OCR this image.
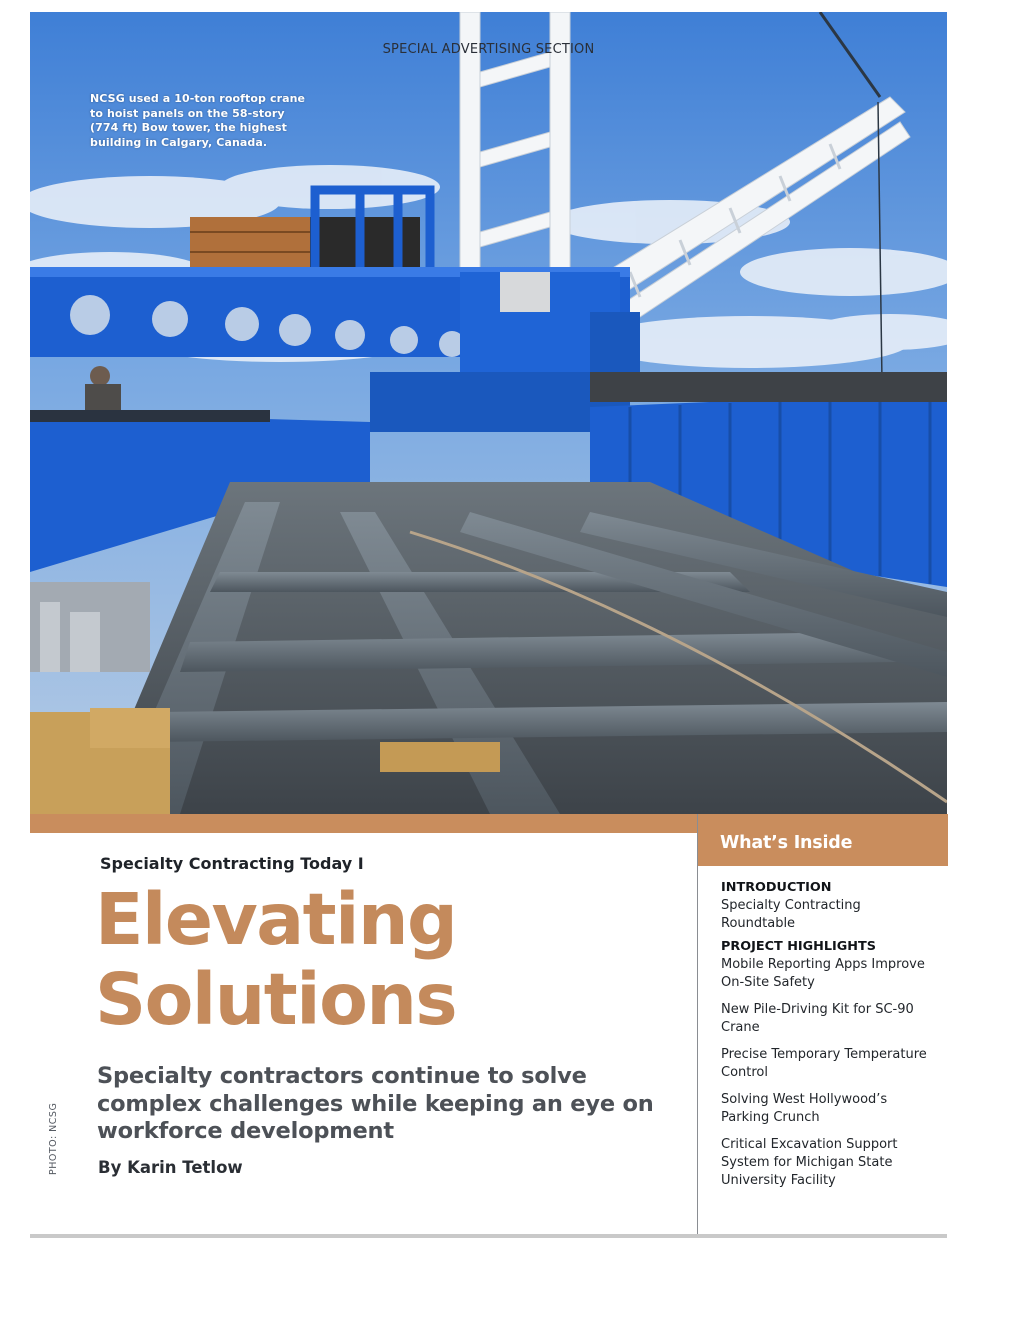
SPECIAL ADVERTISING SECTION
NCSG used a 10-ton rooftop crane to hoist panels on the 58-story (774 ft) Bow tower, the highest building in Calgary, Canada.
PHOTO: NCSG
Specialty Contracting Today I
Elevating
Solutions
Specialty contractors continue to solve complex challenges while keeping an eye on workforce development
By Karin Tetlow
What’s Inside
INTRODUCTION
Specialty Contracting Roundtable
PROJECT HIGHLIGHTS
Mobile Reporting Apps Improve On-Site Safety
New Pile-Driving Kit for SC-90 Crane
Precise Temporary Temperature Control
Solving West Hollywood’s Parking Crunch
Critical Excavation Support System for Michigan State University Facility
